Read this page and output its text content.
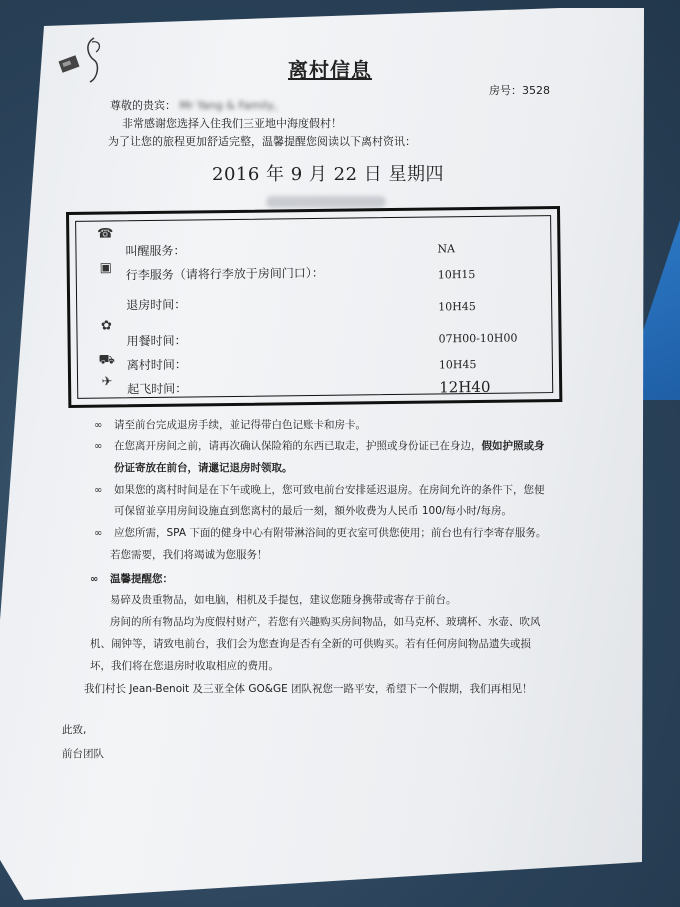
离村信息
房号：3528
尊敬的贵宾： Mr Yang & Family，
非常感谢您选择入住我们三亚地中海度假村！
为了让您的旅程更加舒适完整，温馨提醒您阅读以下离村资讯：
2016 年 9 月 22 日 星期四
☎
叫醒服务：	NA
▣	行李服务（请将行李放于房间门口）：	10H15
退房时间：	10H45
✿
用餐时间：	07H00-10H00
⛟ 离村时间：	10H45
✈	起飞时间：	12H40
∞ 请至前台完成退房手续，並记得带白色记账卡和房卡。
∞ 在您离开房间之前，请再次确认保险箱的东西已取走，护照或身份证已在身边，假如护照或身
份证寄放在前台，请邋记退房时领取。
∞ 如果您的离村时间是在下午或晚上，您可致电前台安排延迟退房。在房间允许的条件下，您便
可保留並享用房间设施直到您离村的最后一刻，額外收费为人民币 100/每小时/每房。
∞ 应您所需，SPA 下面的健身中心有附带淋浴间的更衣室可供您使用；前台也有行李寄存服务。
若您需要，我们将竭诚为您服务！
∞ 温馨提醒您：
易碎及贵重物品，如电脑，相机及手提包，建议您随身携带或寄存于前台。
房间的所有物品均为度假村财产，若您有兴趣购买房间物品，如马克杯、玻璃杯、水壶、吹风
机、闹钟等，请致电前台，我们会为您查询是否有全新的可供购买。若有任何房间物品遗失或损
坏，我们将在您退房时收取相应的费用。
我们村长 Jean-Benoit 及三亚全体 GO&GE 团队祝您一路平安，希望下一个假期，我们再相见！
此致,
前台团队
